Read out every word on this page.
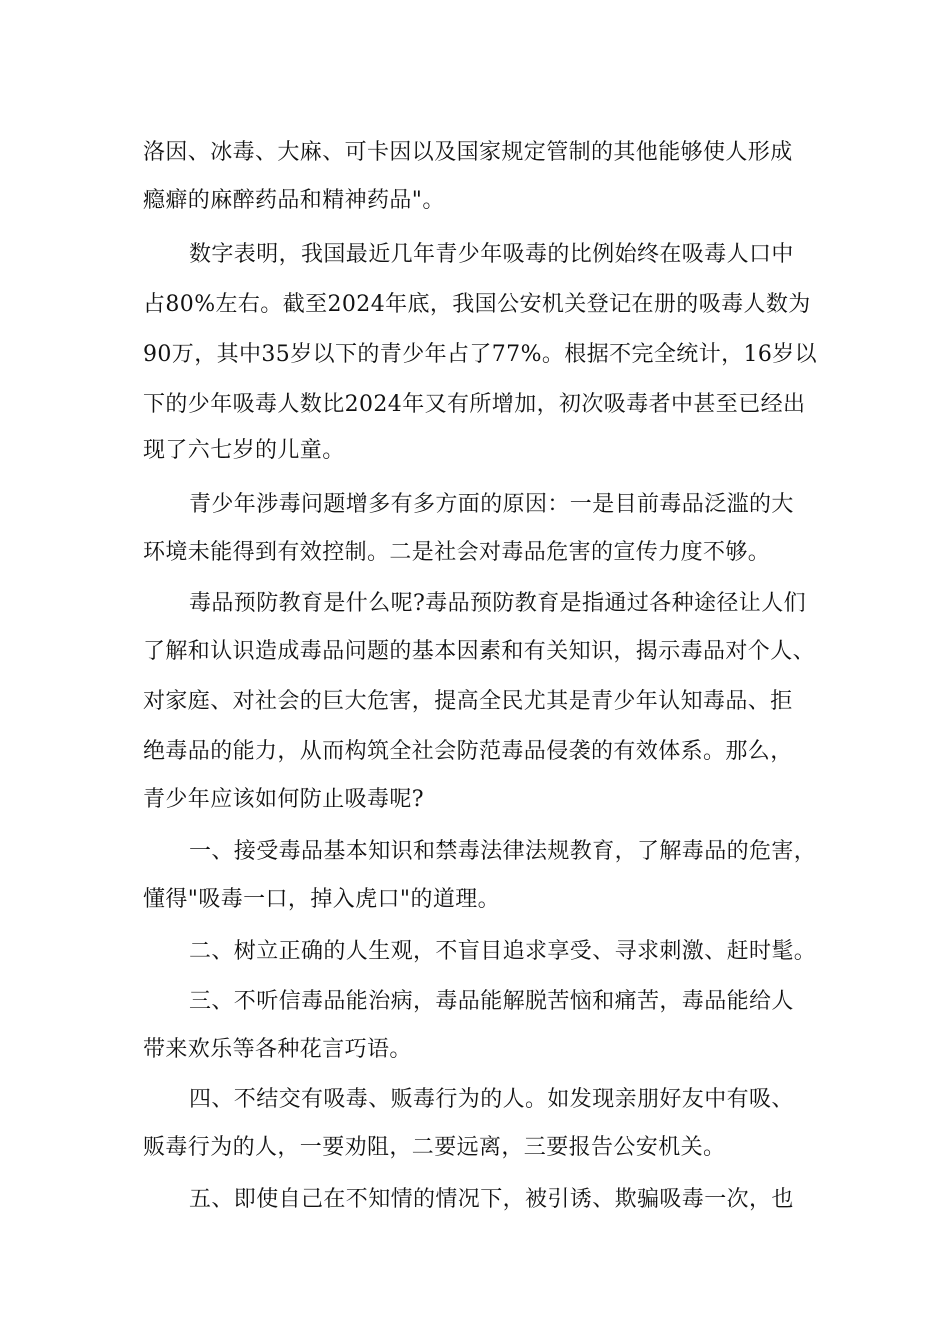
洛因、冰毒、大麻、可卡因以及国家规定管制的其他能够使人形成
瘾癖的麻醉药品和精神药品"。
数字表明，我国最近几年青少年吸毒的比例始终在吸毒人口中
占80%左右。截至2024年底，我国公安机关登记在册的吸毒人数为
90万，其中35岁以下的青少年占了77%。根据不完全统计，16岁以
下的少年吸毒人数比2024年又有所增加，初次吸毒者中甚至已经出
现了六七岁的儿童。
青少年涉毒问题增多有多方面的原因：一是目前毒品泛滥的大
环境未能得到有效控制。二是社会对毒品危害的宣传力度不够。
毒品预防教育是什么呢?毒品预防教育是指通过各种途径让人们
了解和认识造成毒品问题的基本因素和有关知识，揭示毒品对个人、
对家庭、对社会的巨大危害，提高全民尤其是青少年认知毒品、拒
绝毒品的能力，从而构筑全社会防范毒品侵袭的有效体系。那么，
青少年应该如何防止吸毒呢?
一、接受毒品基本知识和禁毒法律法规教育，了解毒品的危害，
懂得"吸毒一口，掉入虎口"的道理。
二、树立正确的人生观，不盲目追求享受、寻求刺激、赶时髦。
三、不听信毒品能治病，毒品能解脱苦恼和痛苦，毒品能给人
带来欢乐等各种花言巧语。
四、不结交有吸毒、贩毒行为的人。如发现亲朋好友中有吸、
贩毒行为的人，一要劝阻，二要远离，三要报告公安机关。
五、即使自己在不知情的情况下，被引诱、欺骗吸毒一次，也
